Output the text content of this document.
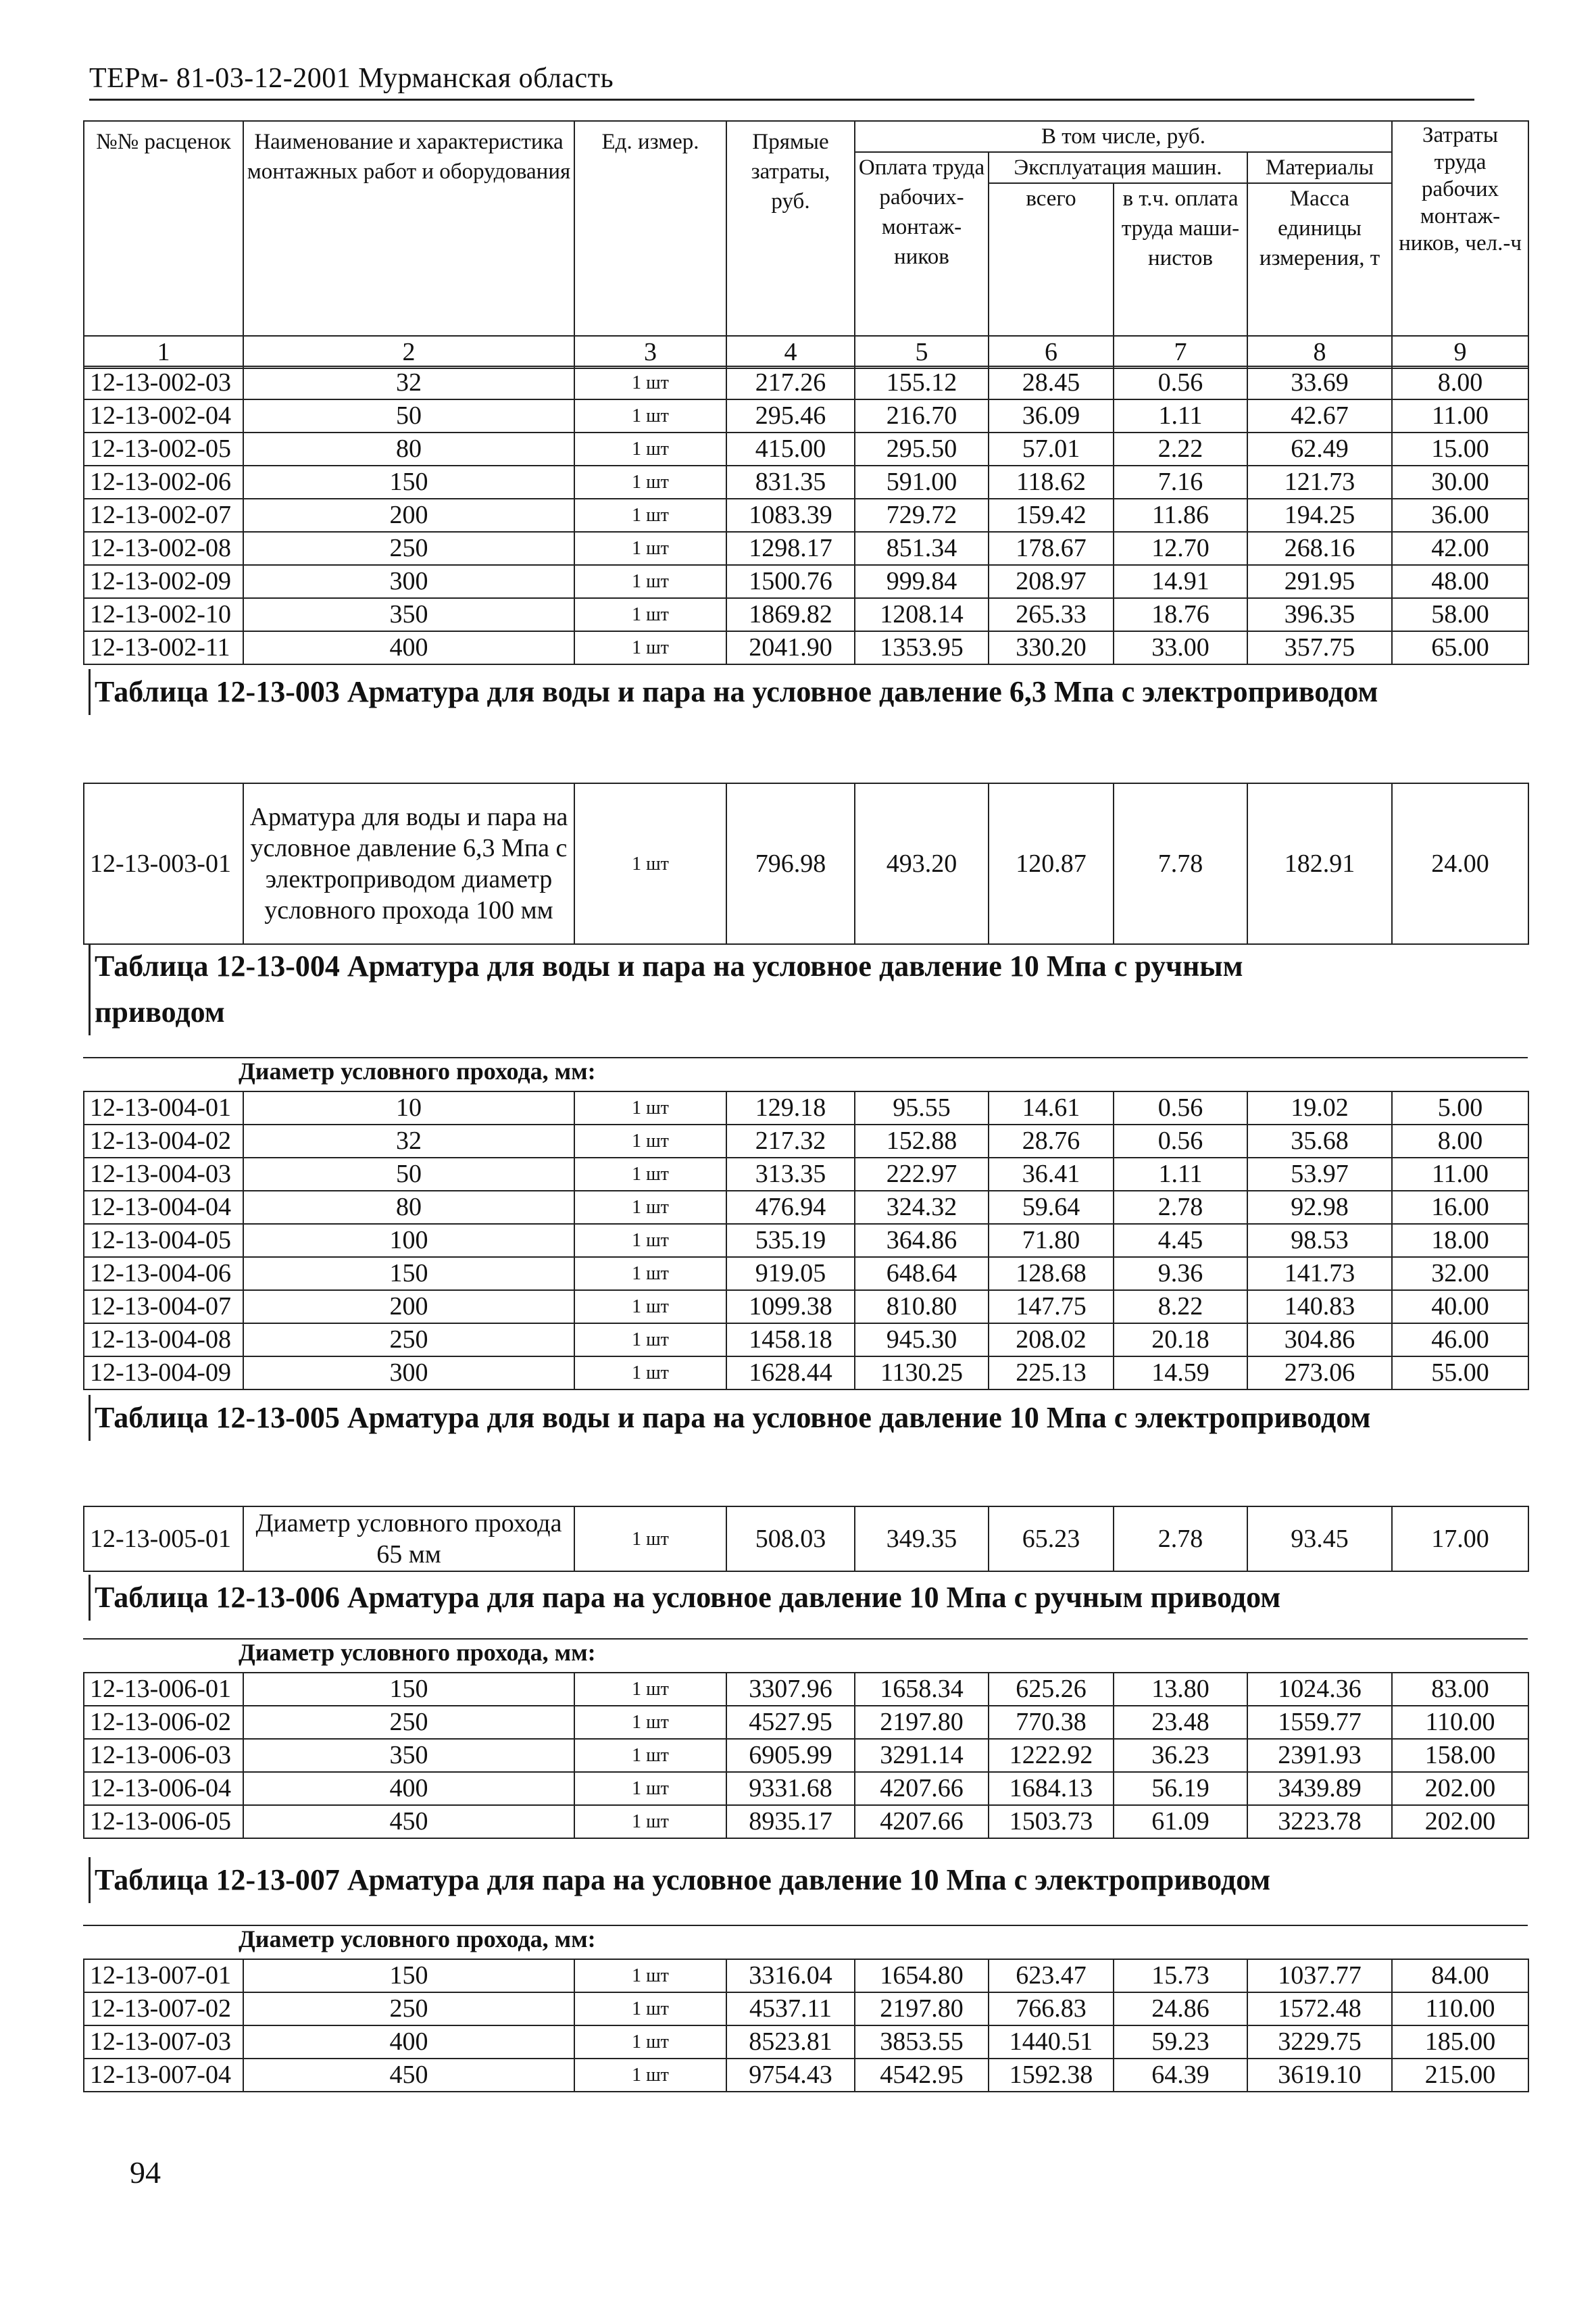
ТЕРм- 81-03-12-2001 Мурманская область
№№ расценок	Наименование и характеристика монтажных работ и оборудования	Ед. измер.	Прямые затраты, руб.	В том числе, руб.				Затраты труда рабочих монтаж-ников, чел.-ч
				Оплата труда рабочих-монтаж-ников	Эксплуатация машин.		Материалы	
					всего	в т.ч. оплата труда маши-нистов	Масса единицы измерения, т	
1	2	3	4	5	6	7	8	9
12-13-002-03	32	1 шт	217.26	155.12	28.45	0.56	33.69	8.00
12-13-002-04	50	1 шт	295.46	216.70	36.09	1.11	42.67	11.00
12-13-002-05	80	1 шт	415.00	295.50	57.01	2.22	62.49	15.00
12-13-002-06	150	1 шт	831.35	591.00	118.62	7.16	121.73	30.00
12-13-002-07	200	1 шт	1083.39	729.72	159.42	11.86	194.25	36.00
12-13-002-08	250	1 шт	1298.17	851.34	178.67	12.70	268.16	42.00
12-13-002-09	300	1 шт	1500.76	999.84	208.97	14.91	291.95	48.00
12-13-002-10	350	1 шт	1869.82	1208.14	265.33	18.76	396.35	58.00
12-13-002-11	400	1 шт	2041.90	1353.95	330.20	33.00	357.75	65.00
Таблица 12-13-003 Арматура для воды и пара на условное давление 6,3 Мпа с электроприводом
12-13-003-01	Арматура для воды и пара на условное давление 6,3 Мпа с электроприводом диаметр условного прохода 100 мм	1 шт	796.98	493.20	120.87	7.78	182.91	24.00
Таблица 12-13-004 Арматура для воды и пара на условное давление 10 Мпа с ручным приводом
Диаметр условного прохода, мм:
12-13-004-01	10	1 шт	129.18	95.55	14.61	0.56	19.02	5.00
12-13-004-02	32	1 шт	217.32	152.88	28.76	0.56	35.68	8.00
12-13-004-03	50	1 шт	313.35	222.97	36.41	1.11	53.97	11.00
12-13-004-04	80	1 шт	476.94	324.32	59.64	2.78	92.98	16.00
12-13-004-05	100	1 шт	535.19	364.86	71.80	4.45	98.53	18.00
12-13-004-06	150	1 шт	919.05	648.64	128.68	9.36	141.73	32.00
12-13-004-07	200	1 шт	1099.38	810.80	147.75	8.22	140.83	40.00
12-13-004-08	250	1 шт	1458.18	945.30	208.02	20.18	304.86	46.00
12-13-004-09	300	1 шт	1628.44	1130.25	225.13	14.59	273.06	55.00
Таблица 12-13-005 Арматура для воды и пара на условное давление 10 Мпа с электроприводом
12-13-005-01	Диаметр условного прохода 65 мм	1 шт	508.03	349.35	65.23	2.78	93.45	17.00
Таблица 12-13-006 Арматура для пара на условное давление 10 Мпа с ручным приводом
Диаметр условного прохода, мм:
12-13-006-01	150	1 шт	3307.96	1658.34	625.26	13.80	1024.36	83.00
12-13-006-02	250	1 шт	4527.95	2197.80	770.38	23.48	1559.77	110.00
12-13-006-03	350	1 шт	6905.99	3291.14	1222.92	36.23	2391.93	158.00
12-13-006-04	400	1 шт	9331.68	4207.66	1684.13	56.19	3439.89	202.00
12-13-006-05	450	1 шт	8935.17	4207.66	1503.73	61.09	3223.78	202.00
Таблица 12-13-007 Арматура для пара на условное давление 10 Мпа с электроприводом
Диаметр условного прохода, мм:
12-13-007-01	150	1 шт	3316.04	1654.80	623.47	15.73	1037.77	84.00
12-13-007-02	250	1 шт	4537.11	2197.80	766.83	24.86	1572.48	110.00
12-13-007-03	400	1 шт	8523.81	3853.55	1440.51	59.23	3229.75	185.00
12-13-007-04	450	1 шт	9754.43	4542.95	1592.38	64.39	3619.10	215.00
94
